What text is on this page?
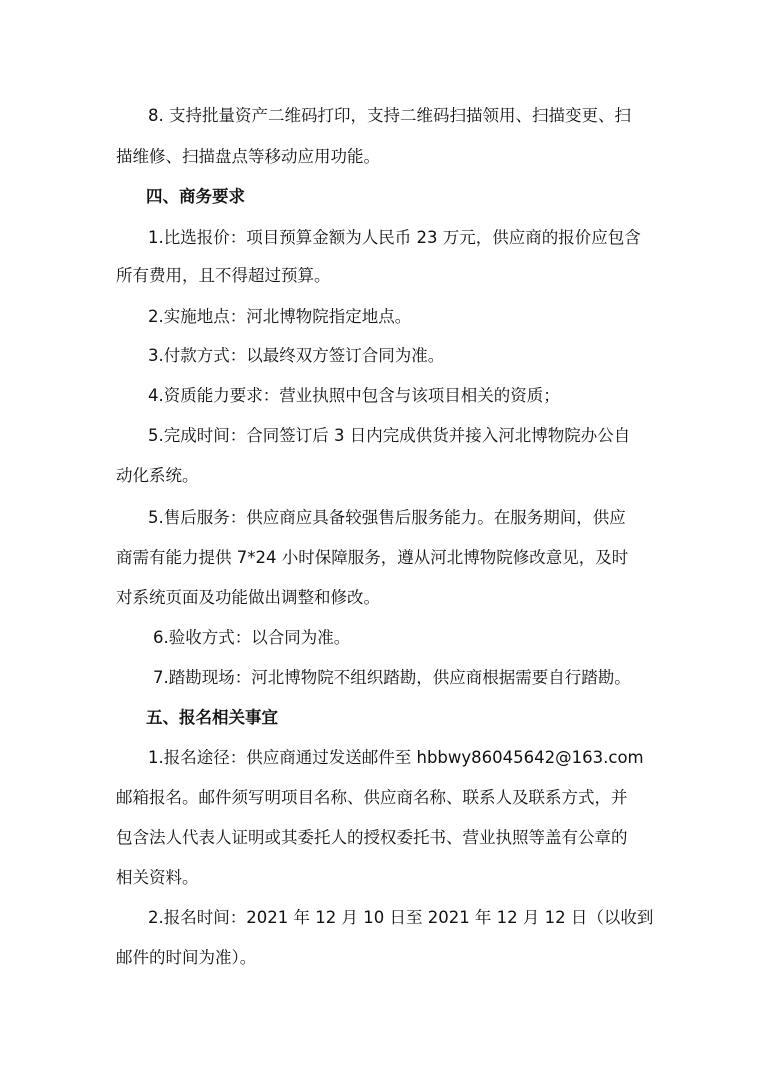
8. 支持批量资产二维码打印，支持二维码扫描领用、扫描变更、扫
描维修、扫描盘点等移动应用功能。
四、商务要求
1.比选报价：项目预算金额为人民币 23 万元，供应商的报价应包含
所有费用，且不得超过预算。
2.实施地点：河北博物院指定地点。
3.付款方式：以最终双方签订合同为准。
4.资质能力要求：营业执照中包含与该项目相关的资质；
5.完成时间：合同签订后 3 日内完成供货并接入河北博物院办公自
动化系统。
5.售后服务：供应商应具备较强售后服务能力。在服务期间，供应
商需有能力提供 7*24 小时保障服务，遵从河北博物院修改意见，及时
对系统页面及功能做出调整和修改。
6.验收方式：以合同为准。
7.踏勘现场：河北博物院不组织踏勘，供应商根据需要自行踏勘。
五、报名相关事宜
1.报名途径：供应商通过发送邮件至 hbbwy86045642@163.com
邮箱报名。邮件须写明项目名称、供应商名称、联系人及联系方式，并
包含法人代表人证明或其委托人的授权委托书、营业执照等盖有公章的
相关资料。
2.报名时间：2021 年 12 月 10 日至 2021 年 12 月 12 日（以收到
邮件的时间为准）。
